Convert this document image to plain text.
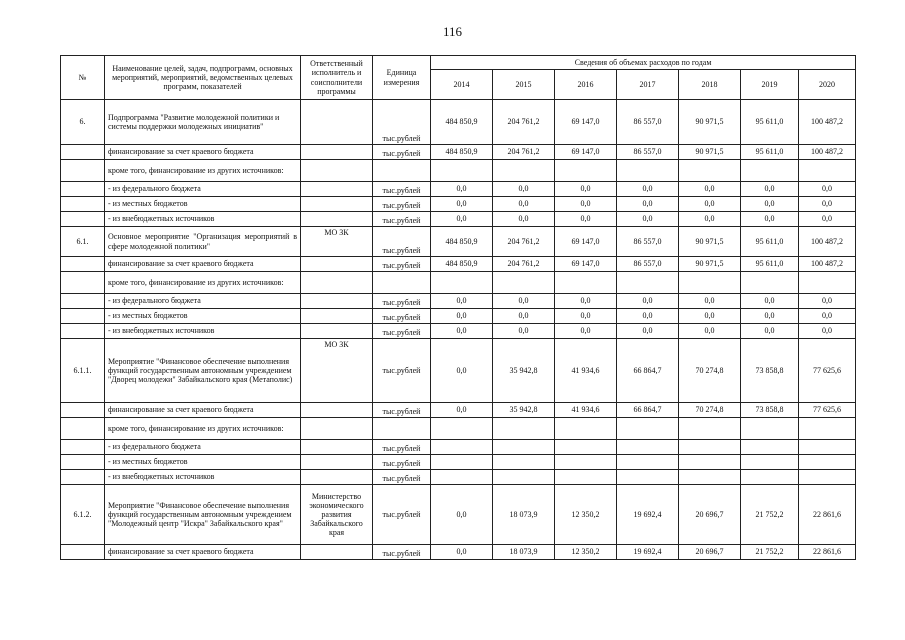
116
№	Наименование целей, задач, подпрограмм, основных мероприятий, мероприятий, ведомственных целевых программ, показателей	Ответственный исполнитель и соисполнители программы	Единица измерения	Сведения об объемах расходов по годам						
				2014	2015	2016	2017	2018	2019	2020
6.	Подпрограмма "Развитие молодежной политики и системы поддержки молодежных инициатив"		тыс.рублей	484 850,9	204 761,2	69 147,0	86 557,0	90 971,5	95 611,0	100 487,2
	финансирование за счет краевого бюджета		тыс.рублей	484 850,9	204 761,2	69 147,0	86 557,0	90 971,5	95 611,0	100 487,2
	кроме того, финансирование из других источников:									
	- из федерального бюджета		тыс.рублей	0,0	0,0	0,0	0,0	0,0	0,0	0,0
	- из местных бюджетов		тыс.рублей	0,0	0,0	0,0	0,0	0,0	0,0	0,0
	- из внебюджетных источников		тыс.рублей	0,0	0,0	0,0	0,0	0,0	0,0	0,0
6.1.	Основное мероприятие "Организация мероприятий в сфере молодежной политики"	МО ЗК	тыс.рублей	484 850,9	204 761,2	69 147,0	86 557,0	90 971,5	95 611,0	100 487,2
	финансирование за счет краевого бюджета		тыс.рублей	484 850,9	204 761,2	69 147,0	86 557,0	90 971,5	95 611,0	100 487,2
	кроме того, финансирование из других источников:									
	- из федерального бюджета		тыс.рублей	0,0	0,0	0,0	0,0	0,0	0,0	0,0
	- из местных бюджетов		тыс.рублей	0,0	0,0	0,0	0,0	0,0	0,0	0,0
	- из внебюджетных источников		тыс.рублей	0,0	0,0	0,0	0,0	0,0	0,0	0,0
6.1.1.	Мероприятие "Финансовое обеспечение выполнения функций государственным автономным учреждением "Дворец молодежи" Забайкальского края (Метаполис)	МО ЗК	тыс.рублей	0,0	35 942,8	41 934,6	66 864,7	70 274,8	73 858,8	77 625,6
	финансирование за счет краевого бюджета		тыс.рублей	0,0	35 942,8	41 934,6	66 864,7	70 274,8	73 858,8	77 625,6
	кроме того, финансирование из других источников:									
	- из федерального бюджета		тыс.рублей							
	- из местных бюджетов		тыс.рублей							
	- из внебюджетных источников		тыс.рублей							
6.1.2.	Мероприятие "Финансовое обеспечение выполнения функций государственным автономным учреждением "Молодежный центр "Искра" Забайкальского края"	Министерство экономического развития Забайкальского края	тыс.рублей	0,0	18 073,9	12 350,2	19 692,4	20 696,7	21 752,2	22 861,6
	финансирование за счет краевого бюджета		тыс.рублей	0,0	18 073,9	12 350,2	19 692,4	20 696,7	21 752,2	22 861,6
